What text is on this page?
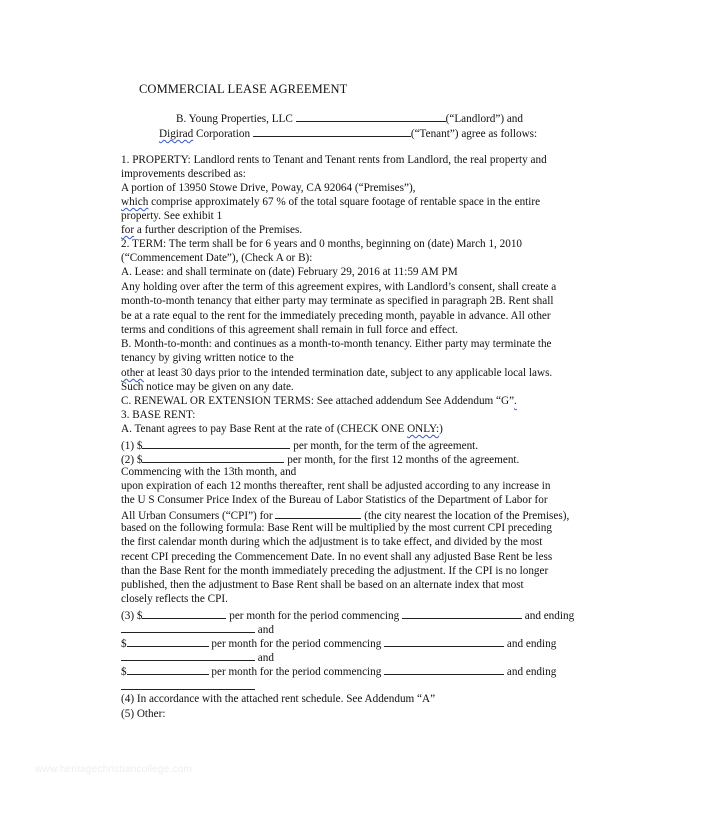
COMMERCIAL LEASE AGREEMENT
B. Young Properties, LLC	(“Landlord”) and
Digirad Corporation	(“Tenant”) agree as follows:
1. PROPERTY: Landlord rents to Tenant and Tenant rents from Landlord, the real property and
improvements described as:
A portion of 13950 Stowe Drive, Poway, CA 92064 (“Premises”),
which comprise approximately 67 % of the total square footage of rentable space in the entire
property. See exhibit 1
for a further description of the Premises.
2. TERM: The term shall be for 6 years and 0 months, beginning on (date) March 1, 2010
(“Commencement Date”), (Check A or B):
A. Lease: and shall terminate on (date) February 29, 2016 at 11:59 AM PM
Any holding over after the term of this agreement expires, with Landlord’s consent, shall create a
month-to-month tenancy that either party may terminate as specified in paragraph 2B. Rent shall
be at a rate equal to the rent for the immediately preceding month, payable in advance. All other
terms and conditions of this agreement shall remain in full force and effect.
B. Month-to-month: and continues as a month-to-month tenancy. Either party may terminate the
tenancy by giving written notice to the
other at least 30 days prior to the intended termination date, subject to any applicable local laws.
Such notice may be given on any date.
C. RENEWAL OR EXTENSION TERMS: See attached addendum See Addendum “G”.
3. BASE RENT:
A. Tenant agrees to pay Base Rent at the rate of (CHECK ONE ONLY:)
(1) $	per month, for the term of the agreement.
(2) $	per month, for the first 12 months of the agreement.
Commencing with the 13th month, and
upon expiration of each 12 months thereafter, rent shall be adjusted according to any increase in
the U S Consumer Price Index of the Bureau of Labor Statistics of the Department of Labor for
All Urban Consumers (“CPI”) for	(the city nearest the location of the Premises),
based on the following formula: Base Rent will be multiplied by the most current CPI preceding
the first calendar month during which the adjustment is to take effect, and divided by the most
recent CPI preceding the Commencement Date. In no event shall any adjusted Base Rent be less
than the Base Rent for the month immediately preceding the adjustment. If the CPI is no longer
published, then the adjustment to Base Rent shall be based on an alternate index that most
closely reflects the CPI.
(3) $	per month for the period commencing	and ending
and
$	per month for the period commencing	and ending
and
$	per month for the period commencing	and ending
(4) In accordance with the attached rent schedule. See Addendum “A”
(5) Other:
www.heritagechristiancollege.com
